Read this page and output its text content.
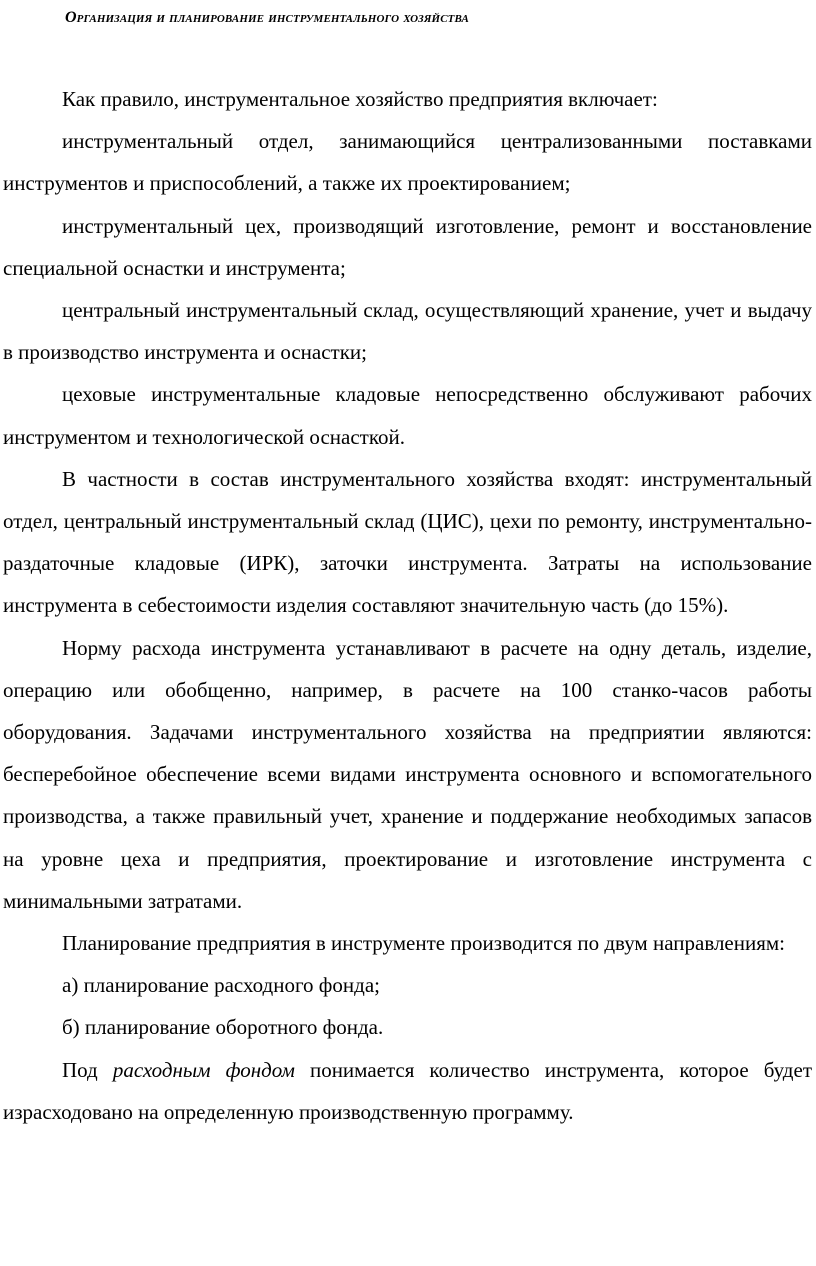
Организация и планирование инструментального хозяйства

Как правило, инструментальное хозяйство предприятия включает:

инструментальный отдел, занимающийся централизованными поставками инструментов и приспособлений, а также их проектированием;

инструментальный цех, производящий изготовление, ремонт и восстановление специальной оснастки и инструмента;

центральный инструментальный склад, осуществляющий хранение, учет и выдачу в производство инструмента и оснастки;

цеховые инструментальные кладовые непосредственно обслуживают рабочих инструментом и технологической оснасткой.

В частности в состав инструментального хозяйства входят: инструментальный отдел, центральный инструментальный склад (ЦИС), цехи по ремонту, инструментально-раздаточные кладовые (ИРК), заточки инструмента. Затраты на использование инструмента в себестоимости изделия составляют значительную часть (до 15%).

Норму расхода инструмента устанавливают в расчете на одну деталь, изделие, операцию или обобщенно, например, в расчете на 100 станко-часов работы оборудования. Задачами инструментального хозяйства на предприятии являются: бесперебойное обеспечение всеми видами инструмента основного и вспомогательного производства, а также правильный учет, хранение и поддержание необходимых запасов на уровне цеха и предприятия, проектирование и изготовление инструмента с минимальными затратами.

Планирование предприятия в инструменте производится по двум направлениям:

а) планирование расходного фонда;

б) планирование оборотного фонда.

Под расходным фондом понимается количество инструмента, которое будет израсходовано на определенную производственную программу.
